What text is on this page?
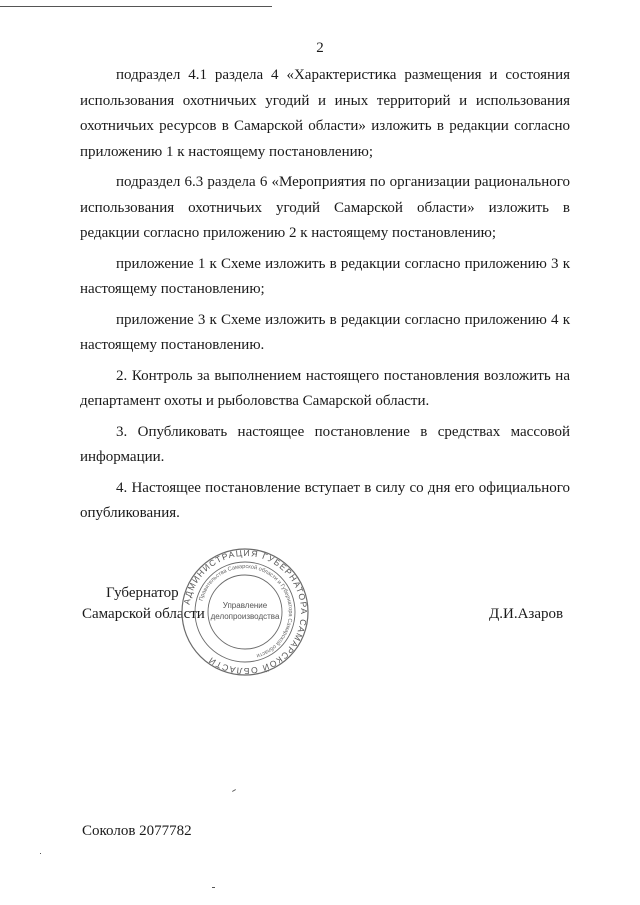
2

подраздел 4.1 раздела 4 «Характеристика размещения и состояния использования охотничьих угодий и иных территорий и использования охотничьих ресурсов в Самарской области» изложить в редакции согласно приложению 1 к настоящему постановлению;

подраздел 6.3 раздела 6 «Мероприятия по организации рационального использования охотничьих угодий Самарской области» изложить в редакции согласно приложению 2 к настоящему постановлению;

приложение 1 к Схеме изложить в редакции согласно приложению 3 к настоящему постановлению;

приложение 3 к Схеме изложить в редакции согласно приложению 4 к настоящему постановлению.

2. Контроль за выполнением настоящего постановления возложить на департамент охоты и рыболовства Самарской области.

3. Опубликовать настоящее постановление в средствах массовой информации.

4. Настоящее постановление вступает в силу со дня его официального опубликования.

Губернатор
Самарской области	Д.И.Азаров
АДМИНИСТРАЦИЯ ГУБЕРНАТОРА САМАРСКОЙ ОБЛАСТИ
Правительства Самарской области и Губернатора Самарской области
Управление
делопроизводства
Соколов 2077782
